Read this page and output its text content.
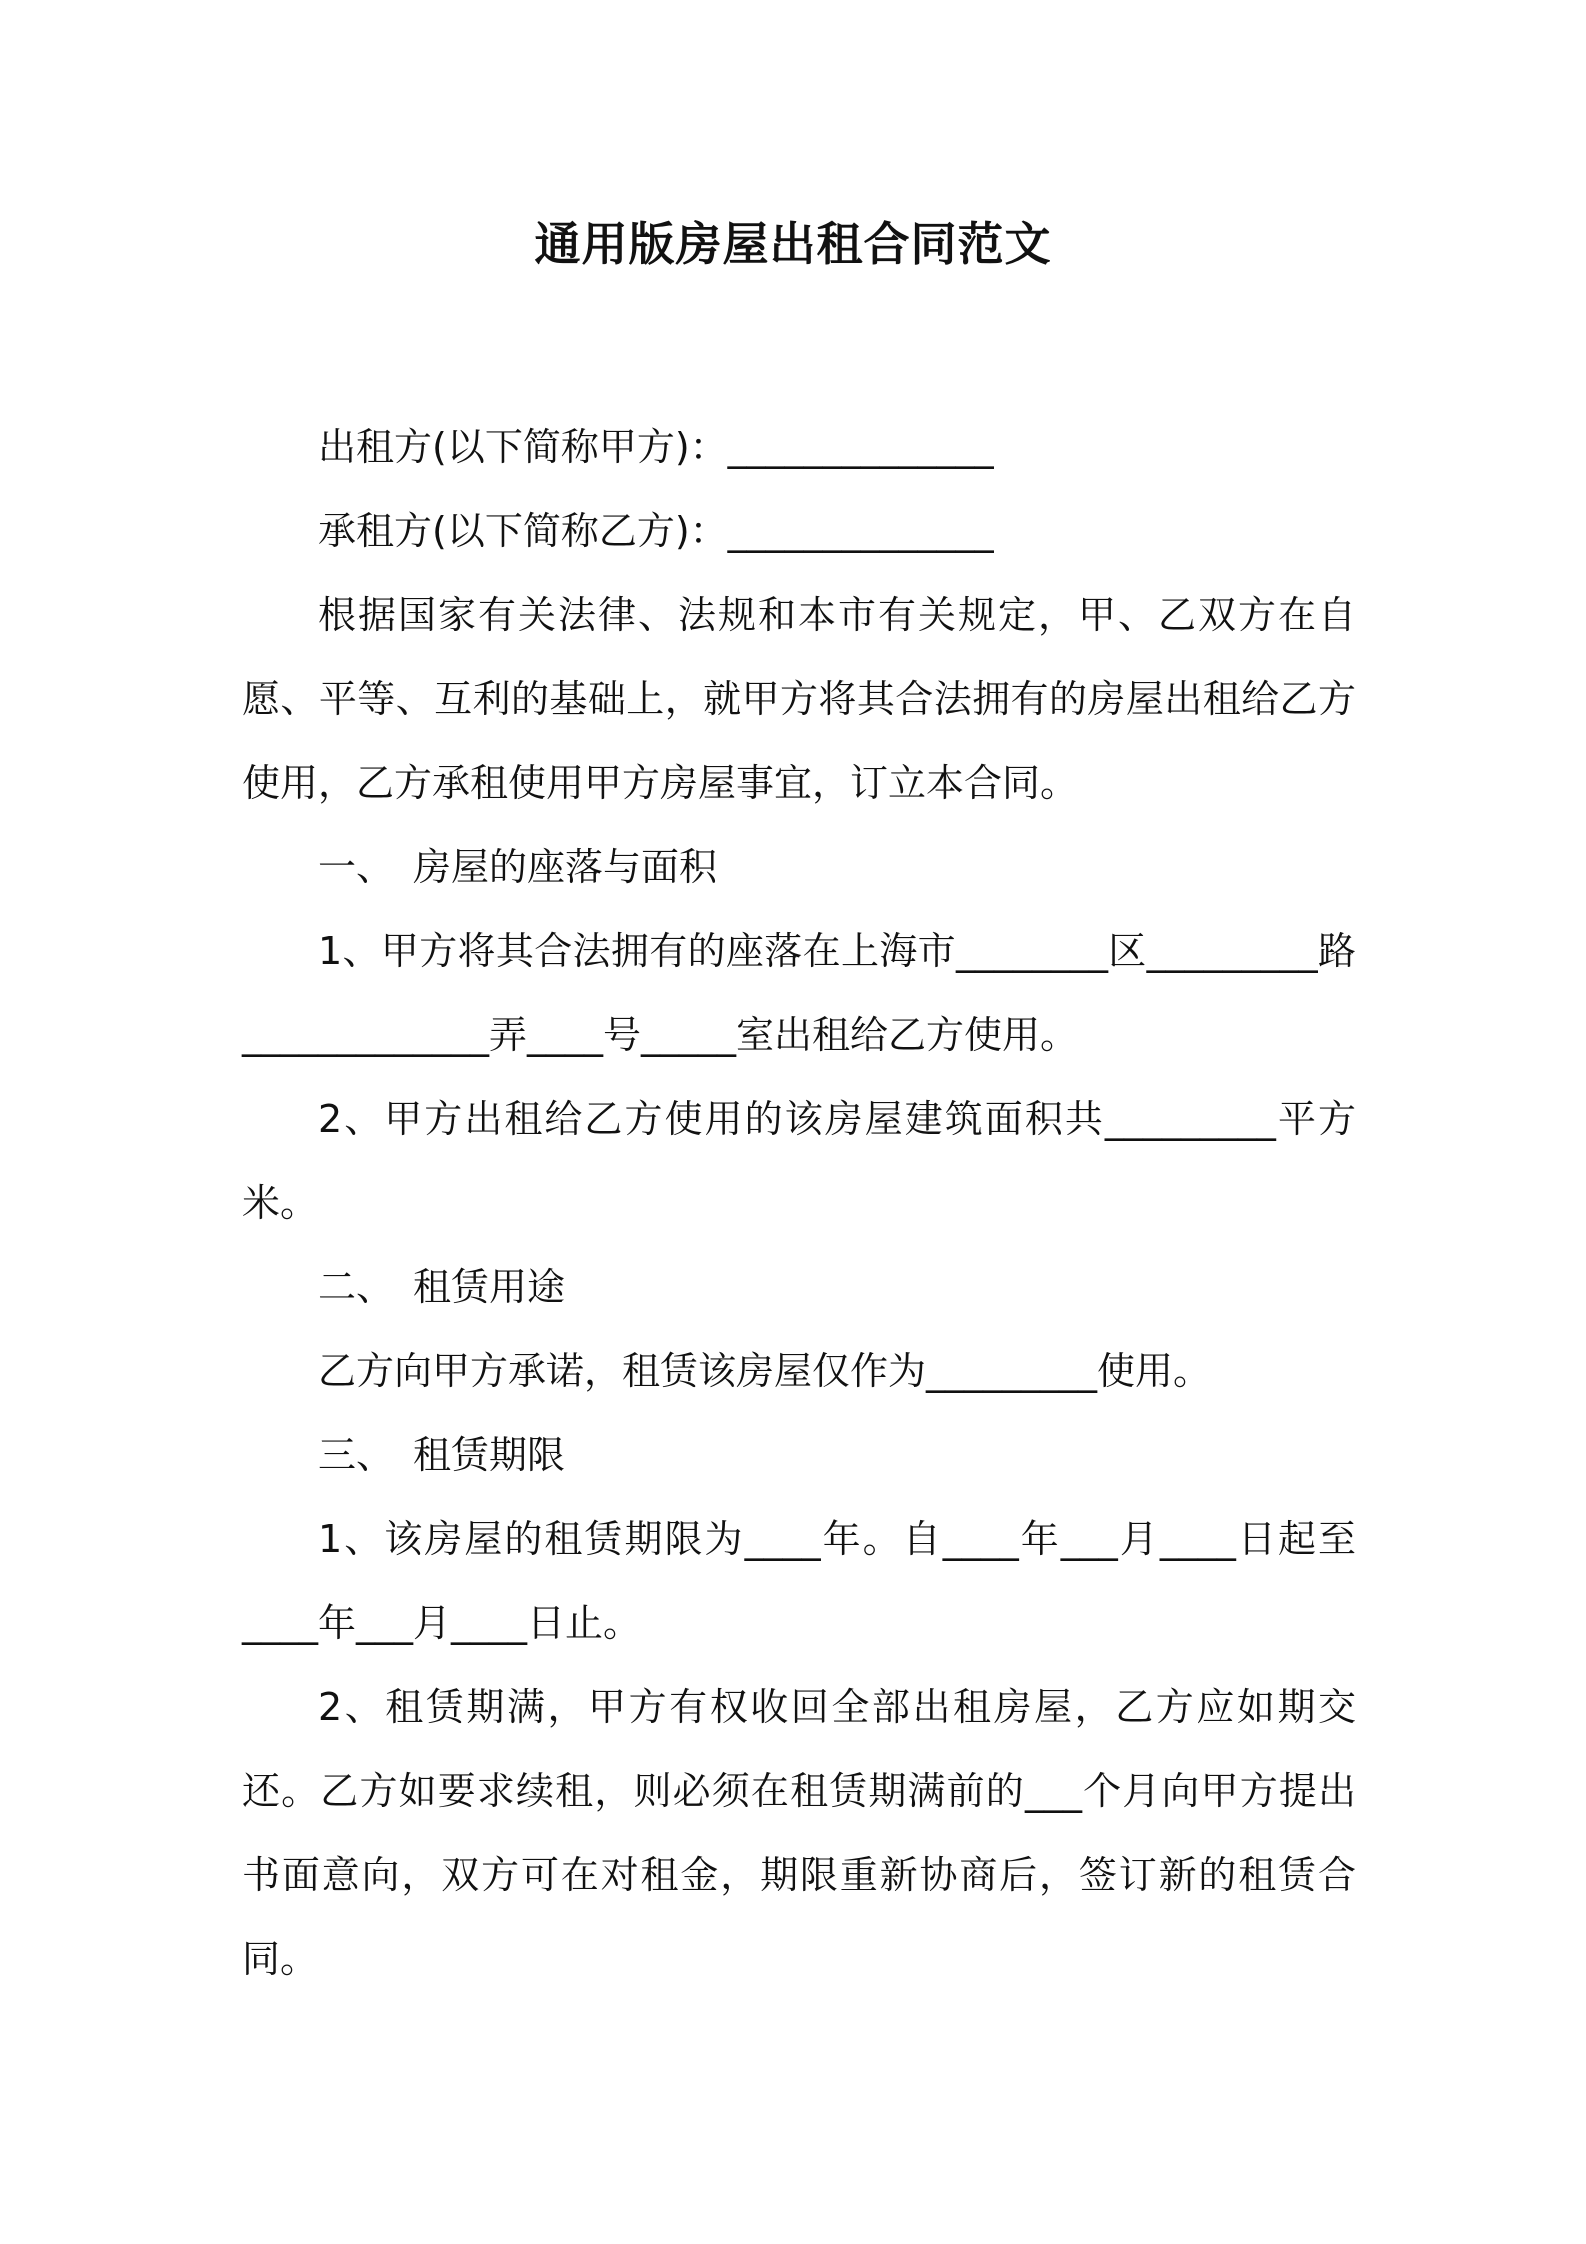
通用版房屋出租合同范文

出租方(以下简称甲方)：______________

承租方(以下简称乙方)：______________

根据国家有关法律、法规和本市有关规定，甲、乙双方在自愿、平等、互利的基础上，就甲方将其合法拥有的房屋出租给乙方使用，乙方承租使用甲方房屋事宜，订立本合同。

一、　房屋的座落与面积

1、甲方将其合法拥有的座落在上海市________区_________路_____________弄____号_____室出租给乙方使用。

2、甲方出租给乙方使用的该房屋建筑面积共_________平方米。

二、　租赁用途

乙方向甲方承诺，租赁该房屋仅作为_________使用。

三、　租赁期限

1、该房屋的租赁期限为____年。自____年___月____日起至____年___月____日止。

2、租赁期满，甲方有权收回全部出租房屋，乙方应如期交还。乙方如要求续租，则必须在租赁期满前的___个月向甲方提出书面意向，双方可在对租金，期限重新协商后，签订新的租赁合同。
